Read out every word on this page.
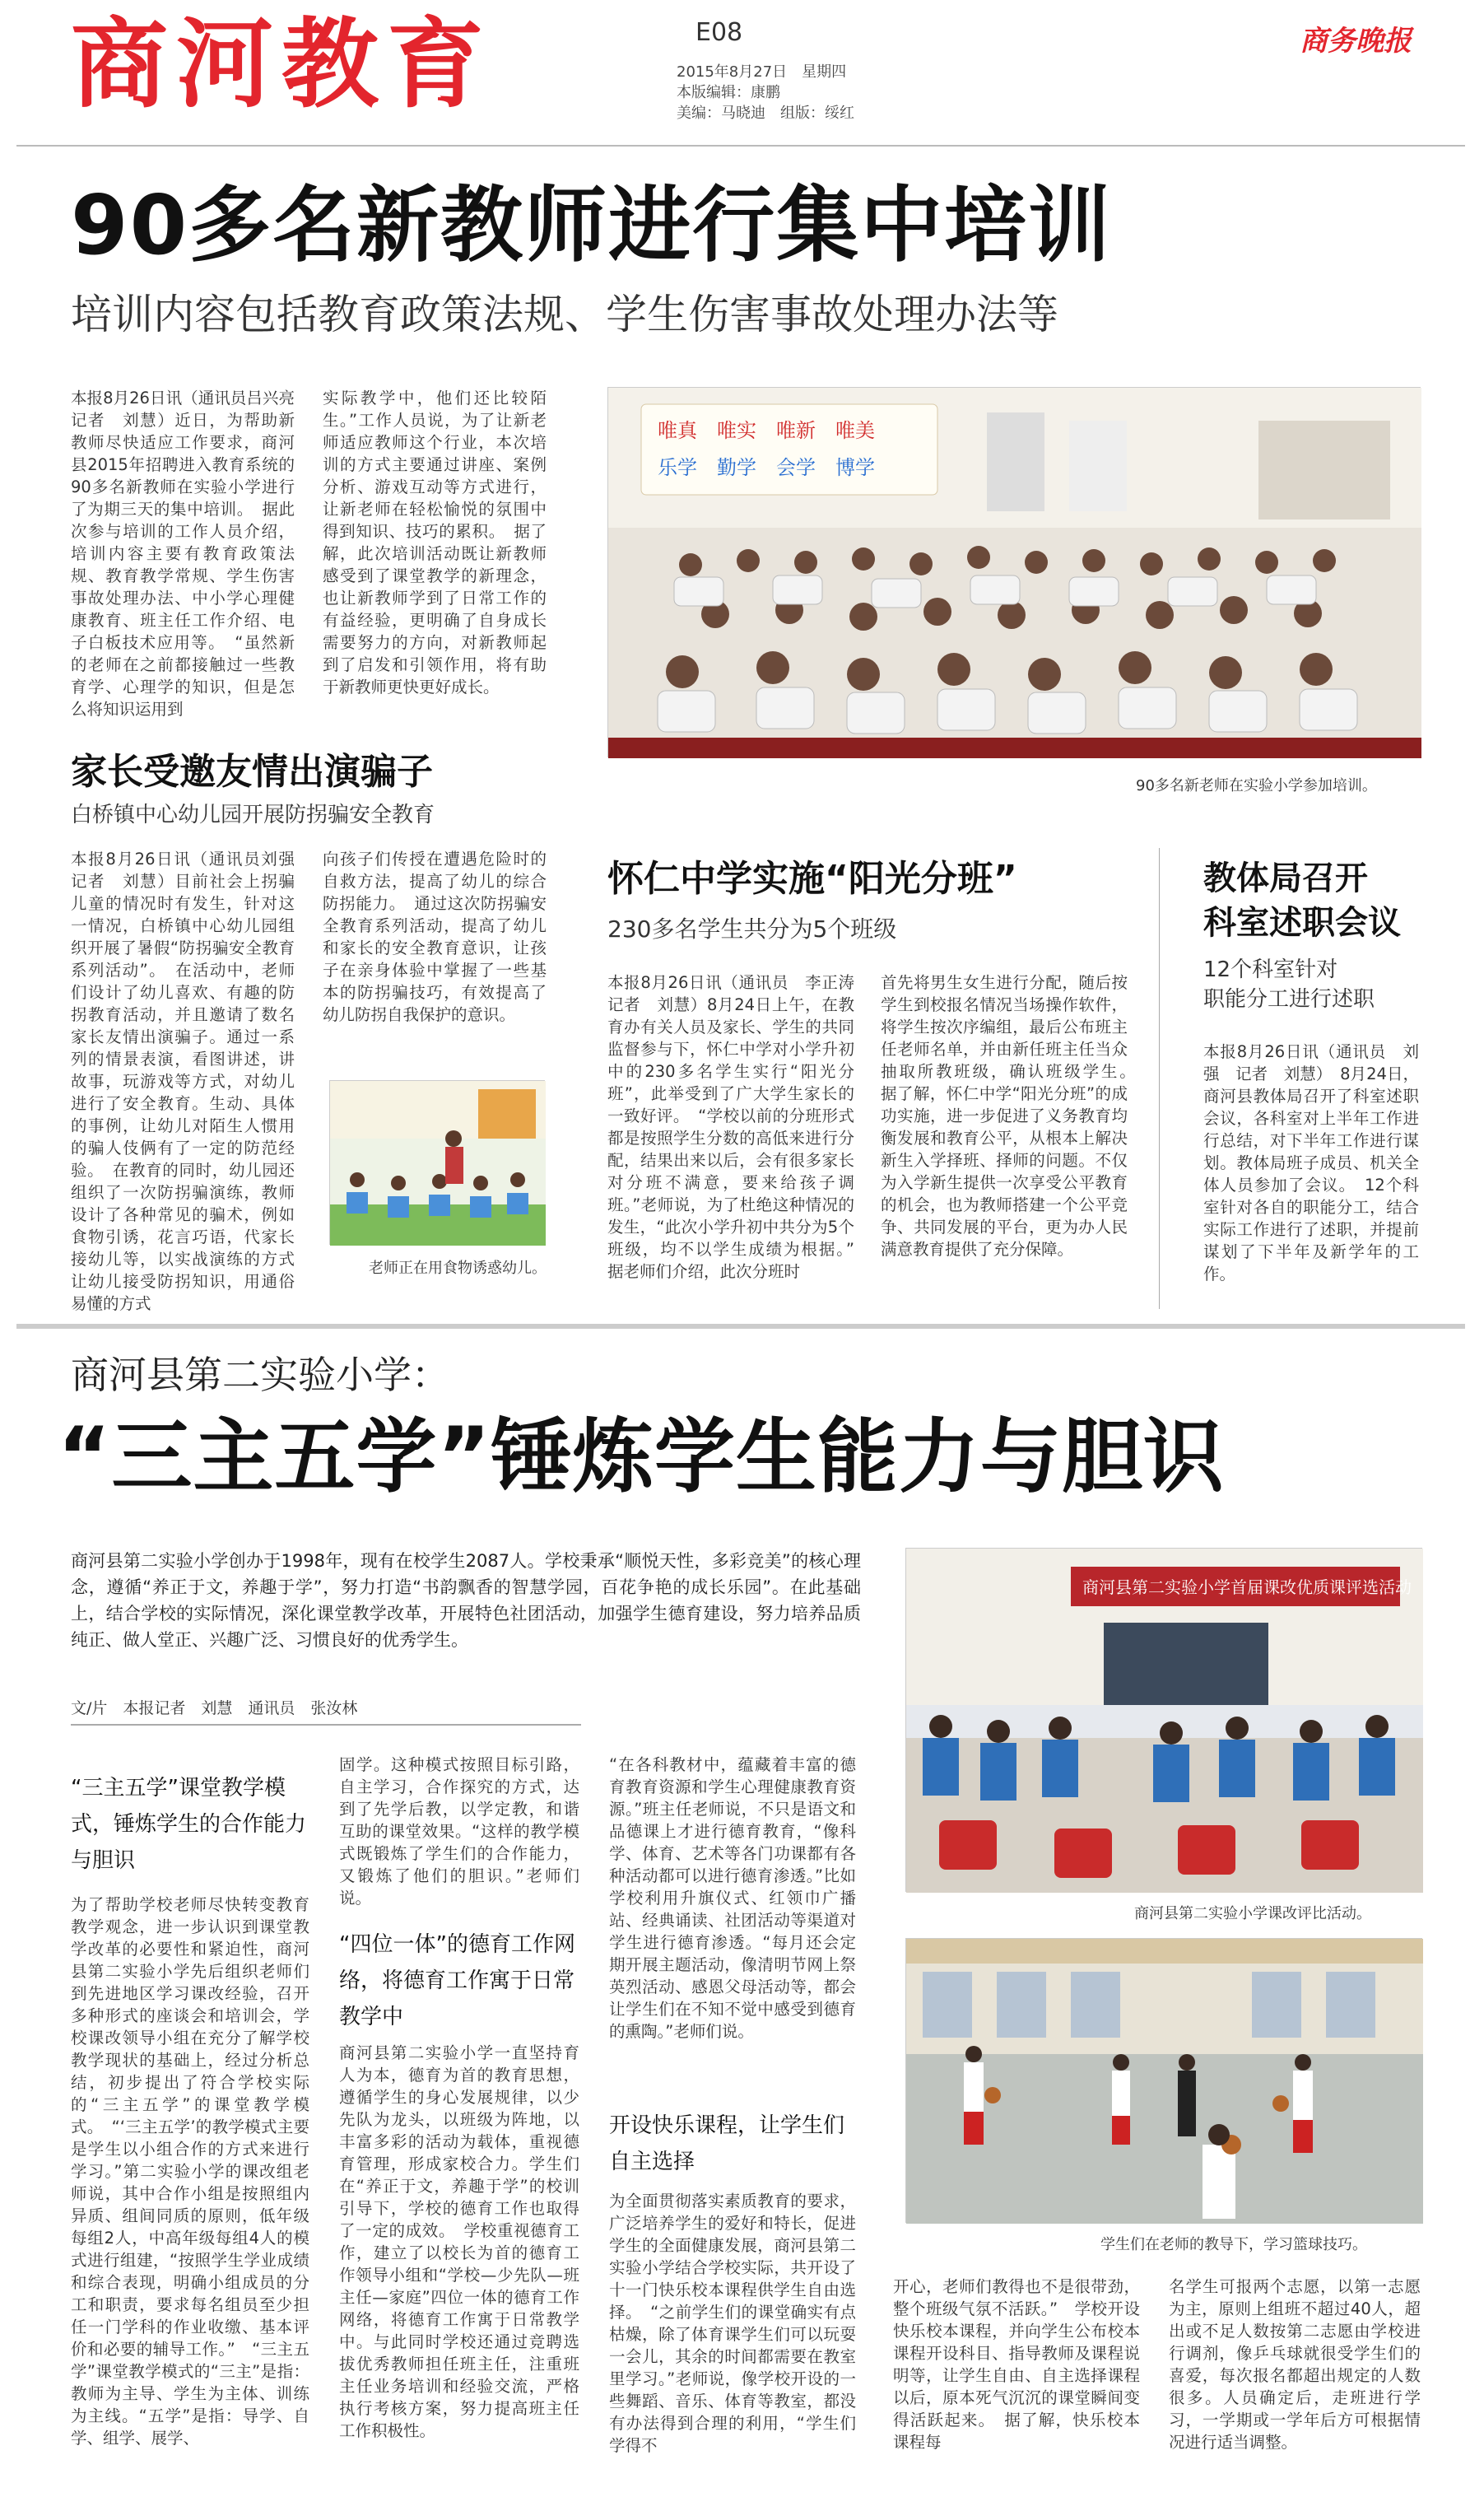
商河教育	E08	商务晚报
2015年8月27日　星期四
本版编辑：康鹏
美编：马晓迪　组版：绥红
90多名新教师进行集中培训
培训内容包括教育政策法规、学生伤害事故处理办法等
本报8月26日讯（通讯员吕兴亮　记者　刘慧）近日，为帮助新教师尽快适应工作要求，商河县2015年招聘进入教育系统的90多名新教师在实验小学进行了为期三天的集中培训。　据此次参与培训的工作人员介绍，培训内容主要有教育政策法规、教育教学常规、学生伤害事故处理办法、中小学心理健康教育、班主任工作介绍、电子白板技术应用等。　“虽然新的老师在之前都接触过一些教育学、心理学的知识，但是怎么将知识运用到
实际教学中，他们还比较陌生。”工作人员说，为了让新老师适应教师这个行业，本次培训的方式主要通过讲座、案例分析、游戏互动等方式进行，让新老师在轻松愉悦的氛围中得到知识、技巧的累积。　据了解，此次培训活动既让新教师感受到了课堂教学的新理念，也让新教师学到了日常工作的有益经验，更明确了自身成长需要努力的方向，对新教师起到了启发和引领作用，将有助于新教师更快更好成长。
唯真　唯实　唯新　唯美
乐学　勤学　会学　博学
90多名新老师在实验小学参加培训。
家长受邀友情出演骗子
白桥镇中心幼儿园开展防拐骗安全教育
本报8月26日讯（通讯员刘强　记者　刘慧）目前社会上拐骗儿童的情况时有发生，针对这一情况，白桥镇中心幼儿园组织开展了暑假“防拐骗安全教育系列活动”。　在活动中，老师们设计了幼儿喜欢、有趣的防拐教育活动，并且邀请了数名家长友情出演骗子。通过一系列的情景表演，看图讲述，讲故事，玩游戏等方式，对幼儿进行了安全教育。生动、具体的事例，让幼儿对陌生人惯用的骗人伎俩有了一定的防范经验。　在教育的同时，幼儿园还组织了一次防拐骗演练，教师设计了各种常见的骗术，例如食物引诱，花言巧语，代家长接幼儿等，以实战演练的方式让幼儿接受防拐知识，用通俗易懂的方式
向孩子们传授在遭遇危险时的自救方法，提高了幼儿的综合防拐能力。　通过这次防拐骗安全教育系列活动，提高了幼儿和家长的安全教育意识，让孩子在亲身体验中掌握了一些基本的防拐骗技巧，有效提高了幼儿防拐自我保护的意识。
老师正在用食物诱惑幼儿。
怀仁中学实施“阳光分班”
230多名学生共分为5个班级
本报8月26日讯（通讯员　李正涛　记者　刘慧）8月24日上午，在教育办有关人员及家长、学生的共同监督参与下，怀仁中学对小学升初中的230多名学生实行“阳光分班”，此举受到了广大学生家长的一致好评。　“学校以前的分班形式都是按照学生分数的高低来进行分配，结果出来以后，会有很多家长对分班不满意，要来给孩子调班。”老师说，为了杜绝这种情况的发生，“此次小学升初中共分为5个班级，均不以学生成绩为根据。”　据老师们介绍，此次分班时
首先将男生女生进行分配，随后按学生到校报名情况当场操作软件，将学生按次序编组，最后公布班主任老师名单，并由新任班主任当众抽取所教班级，确认班级学生。　据了解，怀仁中学“阳光分班”的成功实施，进一步促进了义务教育均衡发展和教育公平，从根本上解决新生入学择班、择师的问题。不仅为入学新生提供一次享受公平教育的机会，也为教师搭建一个公平竞争、共同发展的平台，更为办人民满意教育提供了充分保障。
教体局召开
科室述职会议
12个科室针对
职能分工进行述职
本报8月26日讯（通讯员　刘强　记者　刘慧）　8月24日，商河县教体局召开了科室述职会议，各科室对上半年工作进行总结，对下半年工作进行谋划。教体局班子成员、机关全体人员参加了会议。　12个科室针对各自的职能分工，结合实际工作进行了述职，并提前谋划了下半年及新学年的工作。
商河县第二实验小学：
“三主五学”锤炼学生能力与胆识
商河县第二实验小学创办于1998年，现有在校学生2087人。学校秉承“顺悦天性，多彩竞美”的核心理念，遵循“养正于文，养趣于学”，努力打造“书韵飘香的智慧学园，百花争艳的成长乐园”。在此基础上，结合学校的实际情况，深化课堂教学改革，开展特色社团活动，加强学生德育建设，努力培养品质纯正、做人堂正、兴趣广泛、习惯良好的优秀学生。
文/片　本报记者　刘慧　通讯员　张汝林
“三主五学”课堂教学模式，锤炼学生的合作能力与胆识
为了帮助学校老师尽快转变教育教学观念，进一步认识到课堂教学改革的必要性和紧迫性，商河县第二实验小学先后组织老师们到先进地区学习课改经验，召开多种形式的座谈会和培训会，学校课改领导小组在充分了解学校教学现状的基础上，经过分析总结，初步提出了符合学校实际的“三主五学”的课堂教学模式。　“‘三主五学’的教学模式主要是学生以小组合作的方式来进行学习。”第二实验小学的课改组老师说，其中合作小组是按照组内异质、组间同质的原则，低年级每组2人，中高年级每组4人的模式进行组建，“按照学生学业成绩和综合表现，明确小组成员的分工和职责，要求每名组员至少担任一门学科的作业收缴、基本评价和必要的辅导工作。”　“三主五学”课堂教学模式的“三主”是指：教师为主导、学生为主体、训练为主线。“五学”是指：导学、自学、组学、展学、
固学。这种模式按照目标引路，自主学习，合作探究的方式，达到了先学后教，以学定教，和谐互助的课堂效果。“这样的教学模式既锻炼了学生们的合作能力，又锻炼了他们的胆识。”老师们说。
“四位一体”的德育工作网络，将德育工作寓于日常教学中
商河县第二实验小学一直坚持育人为本，德育为首的教育思想，遵循学生的身心发展规律，以少先队为龙头，以班级为阵地，以丰富多彩的活动为载体，重视德育管理，形成家校合力。学生们在“养正于文，养趣于学”的校训引导下，学校的德育工作也取得了一定的成效。　学校重视德育工作，建立了以校长为首的德育工作领导小组和“学校—少先队—班主任—家庭”四位一体的德育工作网络，将德育工作寓于日常教学中。与此同时学校还通过竞聘选拔优秀教师担任班主任，注重班主任业务培训和经验交流，严格执行考核方案，努力提高班主任工作积极性。
“在各科教材中，蕴藏着丰富的德育教育资源和学生心理健康教育资源。”班主任老师说，不只是语文和品德课上才进行德育教育，“像科学、体育、艺术等各门功课都有各种活动都可以进行德育渗透。”比如学校利用升旗仪式、红领巾广播站、经典诵读、社团活动等渠道对学生进行德育渗透。“每月还会定期开展主题活动，像清明节网上祭英烈活动、感恩父母活动等，都会让学生们在不知不觉中感受到德育的熏陶。”老师们说。
开设快乐课程，让学生们自主选择
为全面贯彻落实素质教育的要求，广泛培养学生的爱好和特长，促进学生的全面健康发展，商河县第二实验小学结合学校实际，共开设了十一门快乐校本课程供学生自由选择。　“之前学生们的课堂确实有点枯燥，除了体育课学生们可以玩耍一会儿，其余的时间都需要在教室里学习。”老师说，像学校开设的一些舞蹈、音乐、体育等教室，都没有办法得到合理的利用，“学生们学得不
商河县第二实验小学首届课改优质课评选活动
商河县第二实验小学课改评比活动。
学生们在老师的教导下，学习篮球技巧。
开心，老师们教得也不是很带劲，整个班级气氛不活跃。”　学校开设快乐校本课程，并向学生公布校本课程开设科目、指导教师及课程说明等，让学生自由、自主选择课程以后，原本死气沉沉的课堂瞬间变得活跃起来。　据了解，快乐校本课程每
名学生可报两个志愿，以第一志愿为主，原则上组班不超过40人，超出或不足人数按第二志愿由学校进行调剂，像乒乓球就很受学生们的喜爱，每次报名都超出规定的人数很多。人员确定后，走班进行学习，一学期或一学年后方可根据情况进行适当调整。
